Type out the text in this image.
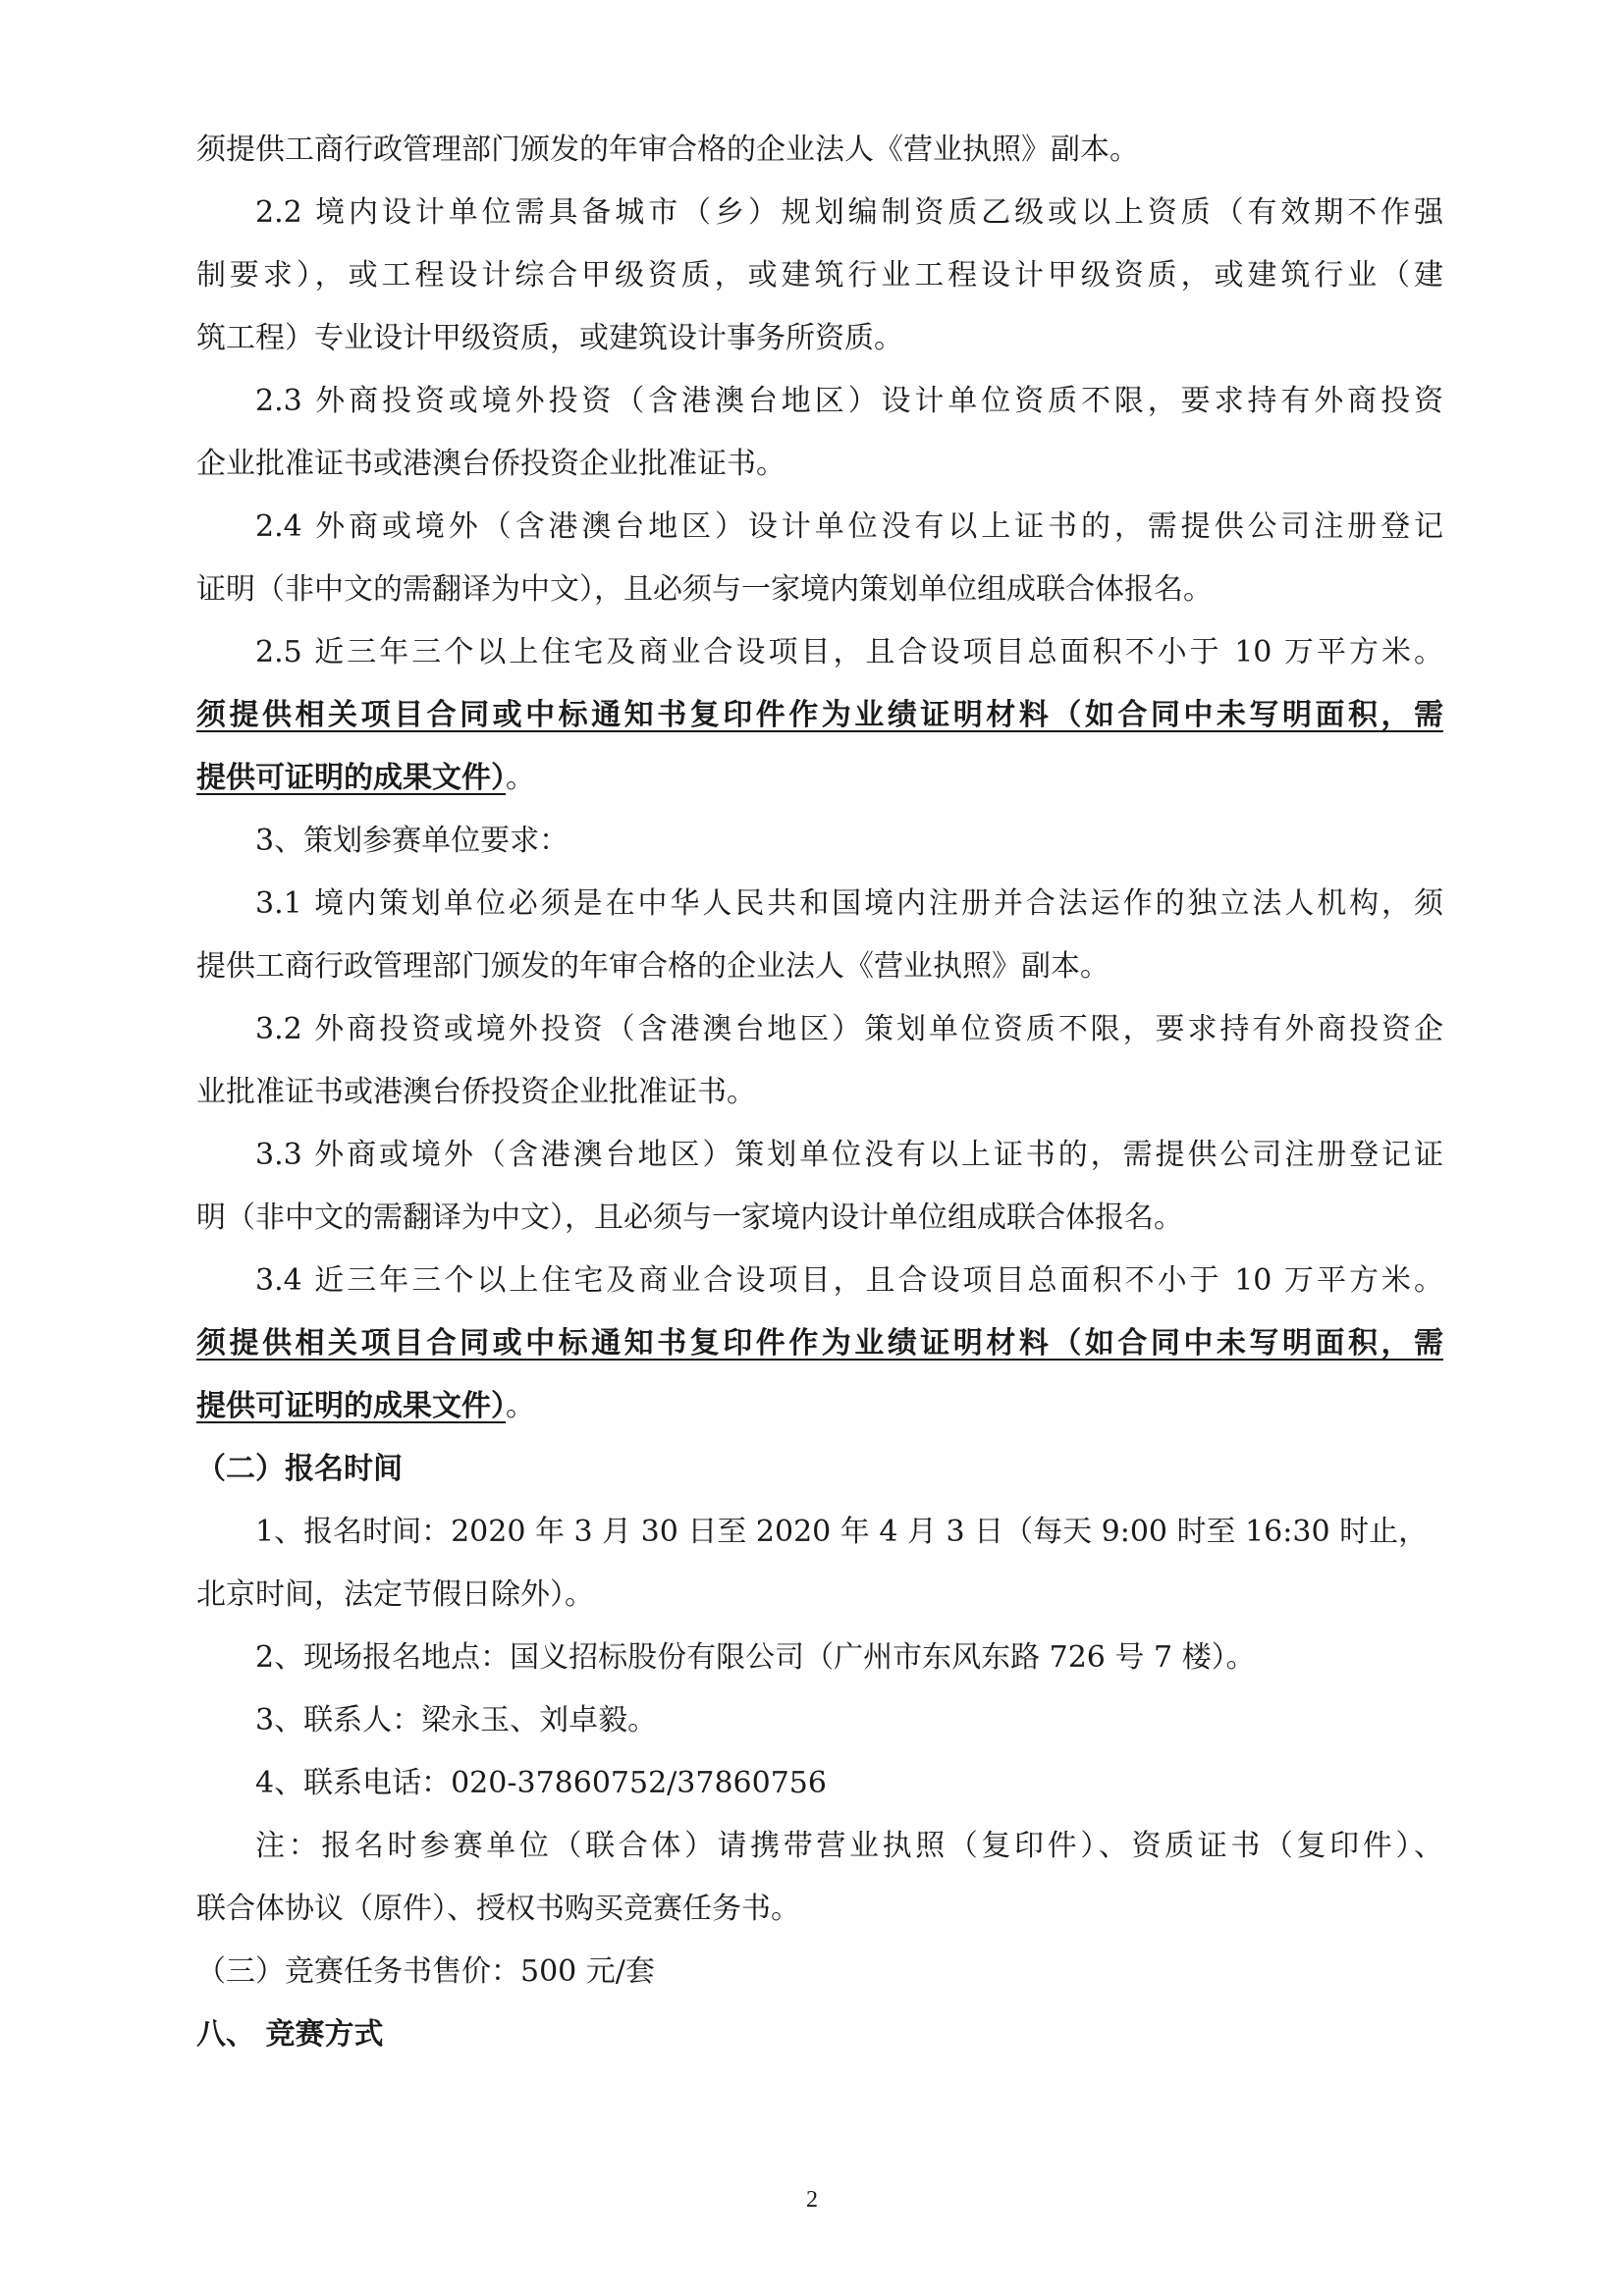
须提供工商行政管理部门颁发的年审合格的企业法人《营业执照》副本。
2.2 境内设计单位需具备城市（乡）规划编制资质乙级或以上资质（有效期不作强
制要求），或工程设计综合甲级资质，或建筑行业工程设计甲级资质，或建筑行业（建
筑工程）专业设计甲级资质，或建筑设计事务所资质。
2.3 外商投资或境外投资（含港澳台地区）设计单位资质不限，要求持有外商投资
企业批准证书或港澳台侨投资企业批准证书。
2.4 外商或境外（含港澳台地区）设计单位没有以上证书的，需提供公司注册登记
证明（非中文的需翻译为中文），且必须与一家境内策划单位组成联合体报名。
2.5 近三年三个以上住宅及商业合设项目，且合设项目总面积不小于 10 万平方米。
须提供相关项目合同或中标通知书复印件作为业绩证明材料（如合同中未写明面积，需
提供可证明的成果文件）。
3、策划参赛单位要求：
3.1 境内策划单位必须是在中华人民共和国境内注册并合法运作的独立法人机构，须
提供工商行政管理部门颁发的年审合格的企业法人《营业执照》副本。
3.2 外商投资或境外投资（含港澳台地区）策划单位资质不限，要求持有外商投资企
业批准证书或港澳台侨投资企业批准证书。
3.3 外商或境外（含港澳台地区）策划单位没有以上证书的，需提供公司注册登记证
明（非中文的需翻译为中文），且必须与一家境内设计单位组成联合体报名。
3.4 近三年三个以上住宅及商业合设项目，且合设项目总面积不小于 10 万平方米。
须提供相关项目合同或中标通知书复印件作为业绩证明材料（如合同中未写明面积，需
提供可证明的成果文件）。
（二）报名时间
1、报名时间：2020 年 3 月 30 日至 2020 年 4 月 3 日（每天 9:00 时至 16:30 时止，
北京时间，法定节假日除外）。
2、现场报名地点：国义招标股份有限公司（广州市东风东路 726 号 7 楼）。
3、联系人：梁永玉、刘卓毅。
4、联系电话：020-37860752/37860756
注：报名时参赛单位（联合体）请携带营业执照（复印件）、资质证书（复印件）、
联合体协议（原件）、授权书购买竞赛任务书。
（三）竞赛任务书售价：500 元/套
八、 竞赛方式
2
